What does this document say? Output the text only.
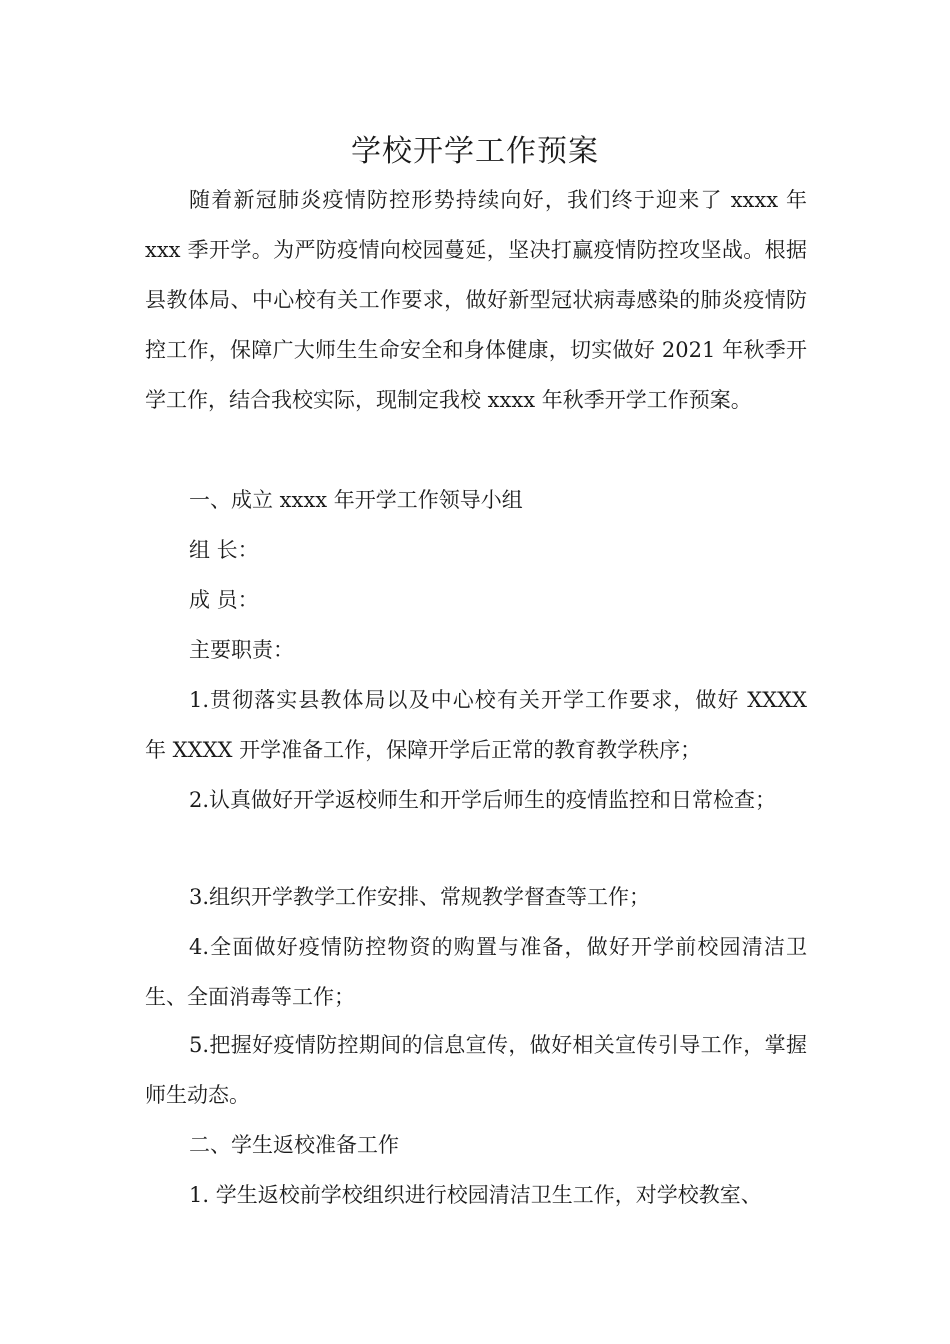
学校开学工作预案

随着新冠肺炎疫情防控形势持续向好，我们终于迎来了 xxxx 年 xxx 季开学。为严防疫情向校园蔓延，坚决打赢疫情防控攻坚战。根据县教体局、中心校有关工作要求，做好新型冠状病毒感染的肺炎疫情防控工作，保障广大师生生命安全和身体健康，切实做好 2021 年秋季开学工作，结合我校实际，现制定我校 xxxx 年秋季开学工作预案。

一、成立 xxxx 年开学工作领导小组

组 长：

成 员：

主要职责：

1.贯彻落实县教体局以及中心校有关开学工作要求，做好 XXXX 年 XXXX 开学准备工作，保障开学后正常的教育教学秩序；

2.认真做好开学返校师生和开学后师生的疫情监控和日常检查；

3.组织开学教学工作安排、常规教学督查等工作；

4.全面做好疫情防控物资的购置与准备，做好开学前校园清洁卫生、全面消毒等工作；

5.把握好疫情防控期间的信息宣传，做好相关宣传引导工作，掌握师生动态。

二、学生返校准备工作

1. 学生返校前学校组织进行校园清洁卫生工作，对学校教室、
